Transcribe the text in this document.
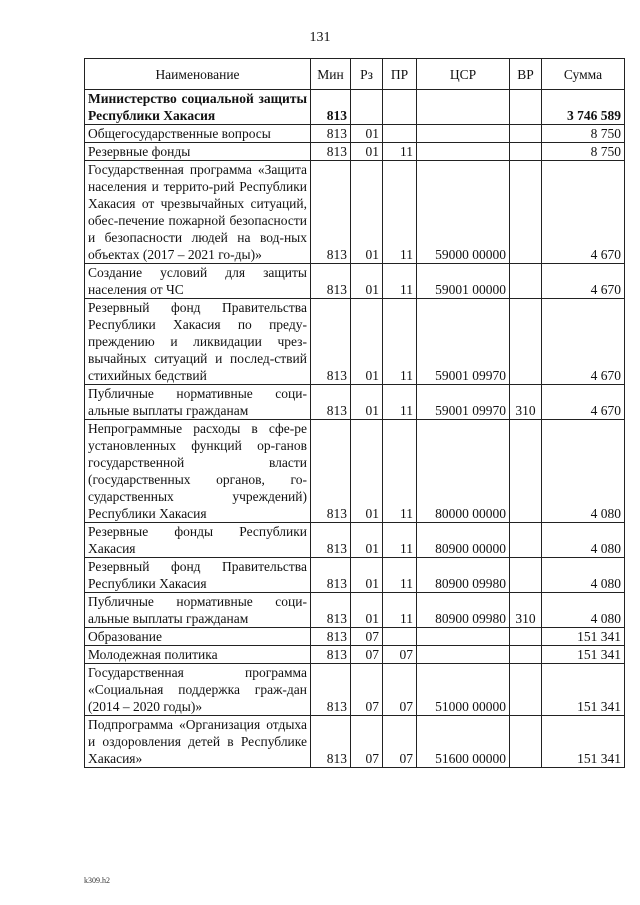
131
Наименование	Мин	Рз	ПР	ЦСР	ВР	Сумма
Министерство социальной защиты Республики Хакасия	813					3 746 589
Общегосударственные вопросы	813	01				8 750
Резервные фонды	813	01	11			8 750
Государственная программа «Защита населения и террито-рий Республики Хакасия от чрезвычайных ситуаций, обес-печение пожарной безопасности и безопасности людей на вод-ных объектах (2017 – 2021 го-ды)»	813	01	11	59000 00000		4 670
Создание условий для защиты населения от ЧС	813	01	11	59001 00000		4 670
Резервный фонд Правительства Республики Хакасия по преду-преждению и ликвидации чрез-вычайных ситуаций и послед-ствий стихийных бедствий	813	01	11	59001 09970		4 670
Публичные нормативные соци-альные выплаты гражданам	813	01	11	59001 09970	310	4 670
Непрограммные расходы в сфе-ре установленных функций ор-ганов государственной власти (государственных органов, го-сударственных учреждений) Республики Хакасия	813	01	11	80000 00000		4 080
Резервные фонды Республики Хакасия	813	01	11	80900 00000		4 080
Резервный фонд Правительства Республики Хакасия	813	01	11	80900 09980		4 080
Публичные нормативные соци-альные выплаты гражданам	813	01	11	80900 09980	310	4 080
Образование	813	07				151 341
Молодежная политика	813	07	07			151 341
Государственная программа «Социальная поддержка граж-дан (2014 – 2020 годы)»	813	07	07	51000 00000		151 341
Подпрограмма «Организация отдыха и оздоровления детей в Республике Хакасия»	813	07	07	51600 00000		151 341
k309.h2
